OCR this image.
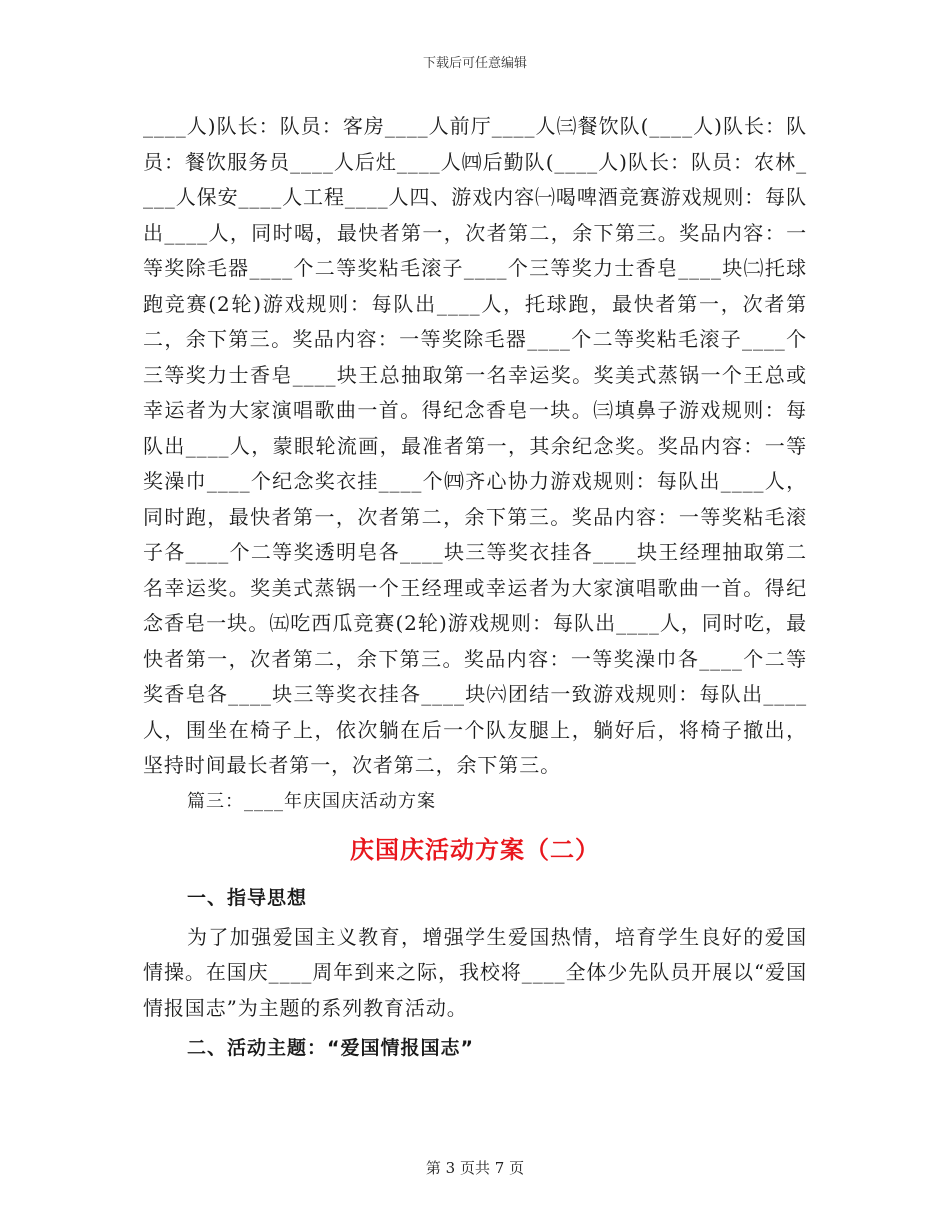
下载后可任意编辑

____人)队长：队员：客房____人前厅____人㈢餐饮队(____人)队长：队员：餐饮服务员____人后灶____人㈣后勤队(____人)队长：队员：农林____人保安____人工程____人四、游戏内容㈠喝啤酒竞赛游戏规则：每队出____人，同时喝，最快者第一，次者第二，余下第三。奖品内容：一等奖除毛器____个二等奖粘毛滚子____个三等奖力士香皂____块㈡托球跑竞赛(2轮)游戏规则：每队出____人，托球跑，最快者第一，次者第二，余下第三。奖品内容：一等奖除毛器____个二等奖粘毛滚子____个三等奖力士香皂____块王总抽取第一名幸运奖。奖美式蒸锅一个王总或幸运者为大家演唱歌曲一首。得纪念香皂一块。㈢填鼻子游戏规则：每队出____人，蒙眼轮流画，最准者第一，其余纪念奖。奖品内容：一等奖澡巾____个纪念奖衣挂____个㈣齐心协力游戏规则：每队出____人，同时跑，最快者第一，次者第二，余下第三。奖品内容：一等奖粘毛滚子各____个二等奖透明皂各____块三等奖衣挂各____块王经理抽取第二名幸运奖。奖美式蒸锅一个王经理或幸运者为大家演唱歌曲一首。得纪念香皂一块。㈤吃西瓜竞赛(2轮)游戏规则：每队出____人，同时吃，最快者第一，次者第二，余下第三。奖品内容：一等奖澡巾各____个二等奖香皂各____块三等奖衣挂各____块㈥团结一致游戏规则：每队出____人，围坐在椅子上，依次躺在后一个队友腿上，躺好后，将椅子撤出，坚持时间最长者第一，次者第二，余下第三。

篇三：____年庆国庆活动方案

庆国庆活动方案（二）
一、指导思想

为了加强爱国主义教育，增强学生爱国热情，培育学生良好的爱国情操。在国庆____周年到来之际，我校将____全体少先队员开展以“爱国情报国志”为主题的系列教育活动。

二、活动主题：“爱国情报国志”
第 3 页共 7 页
